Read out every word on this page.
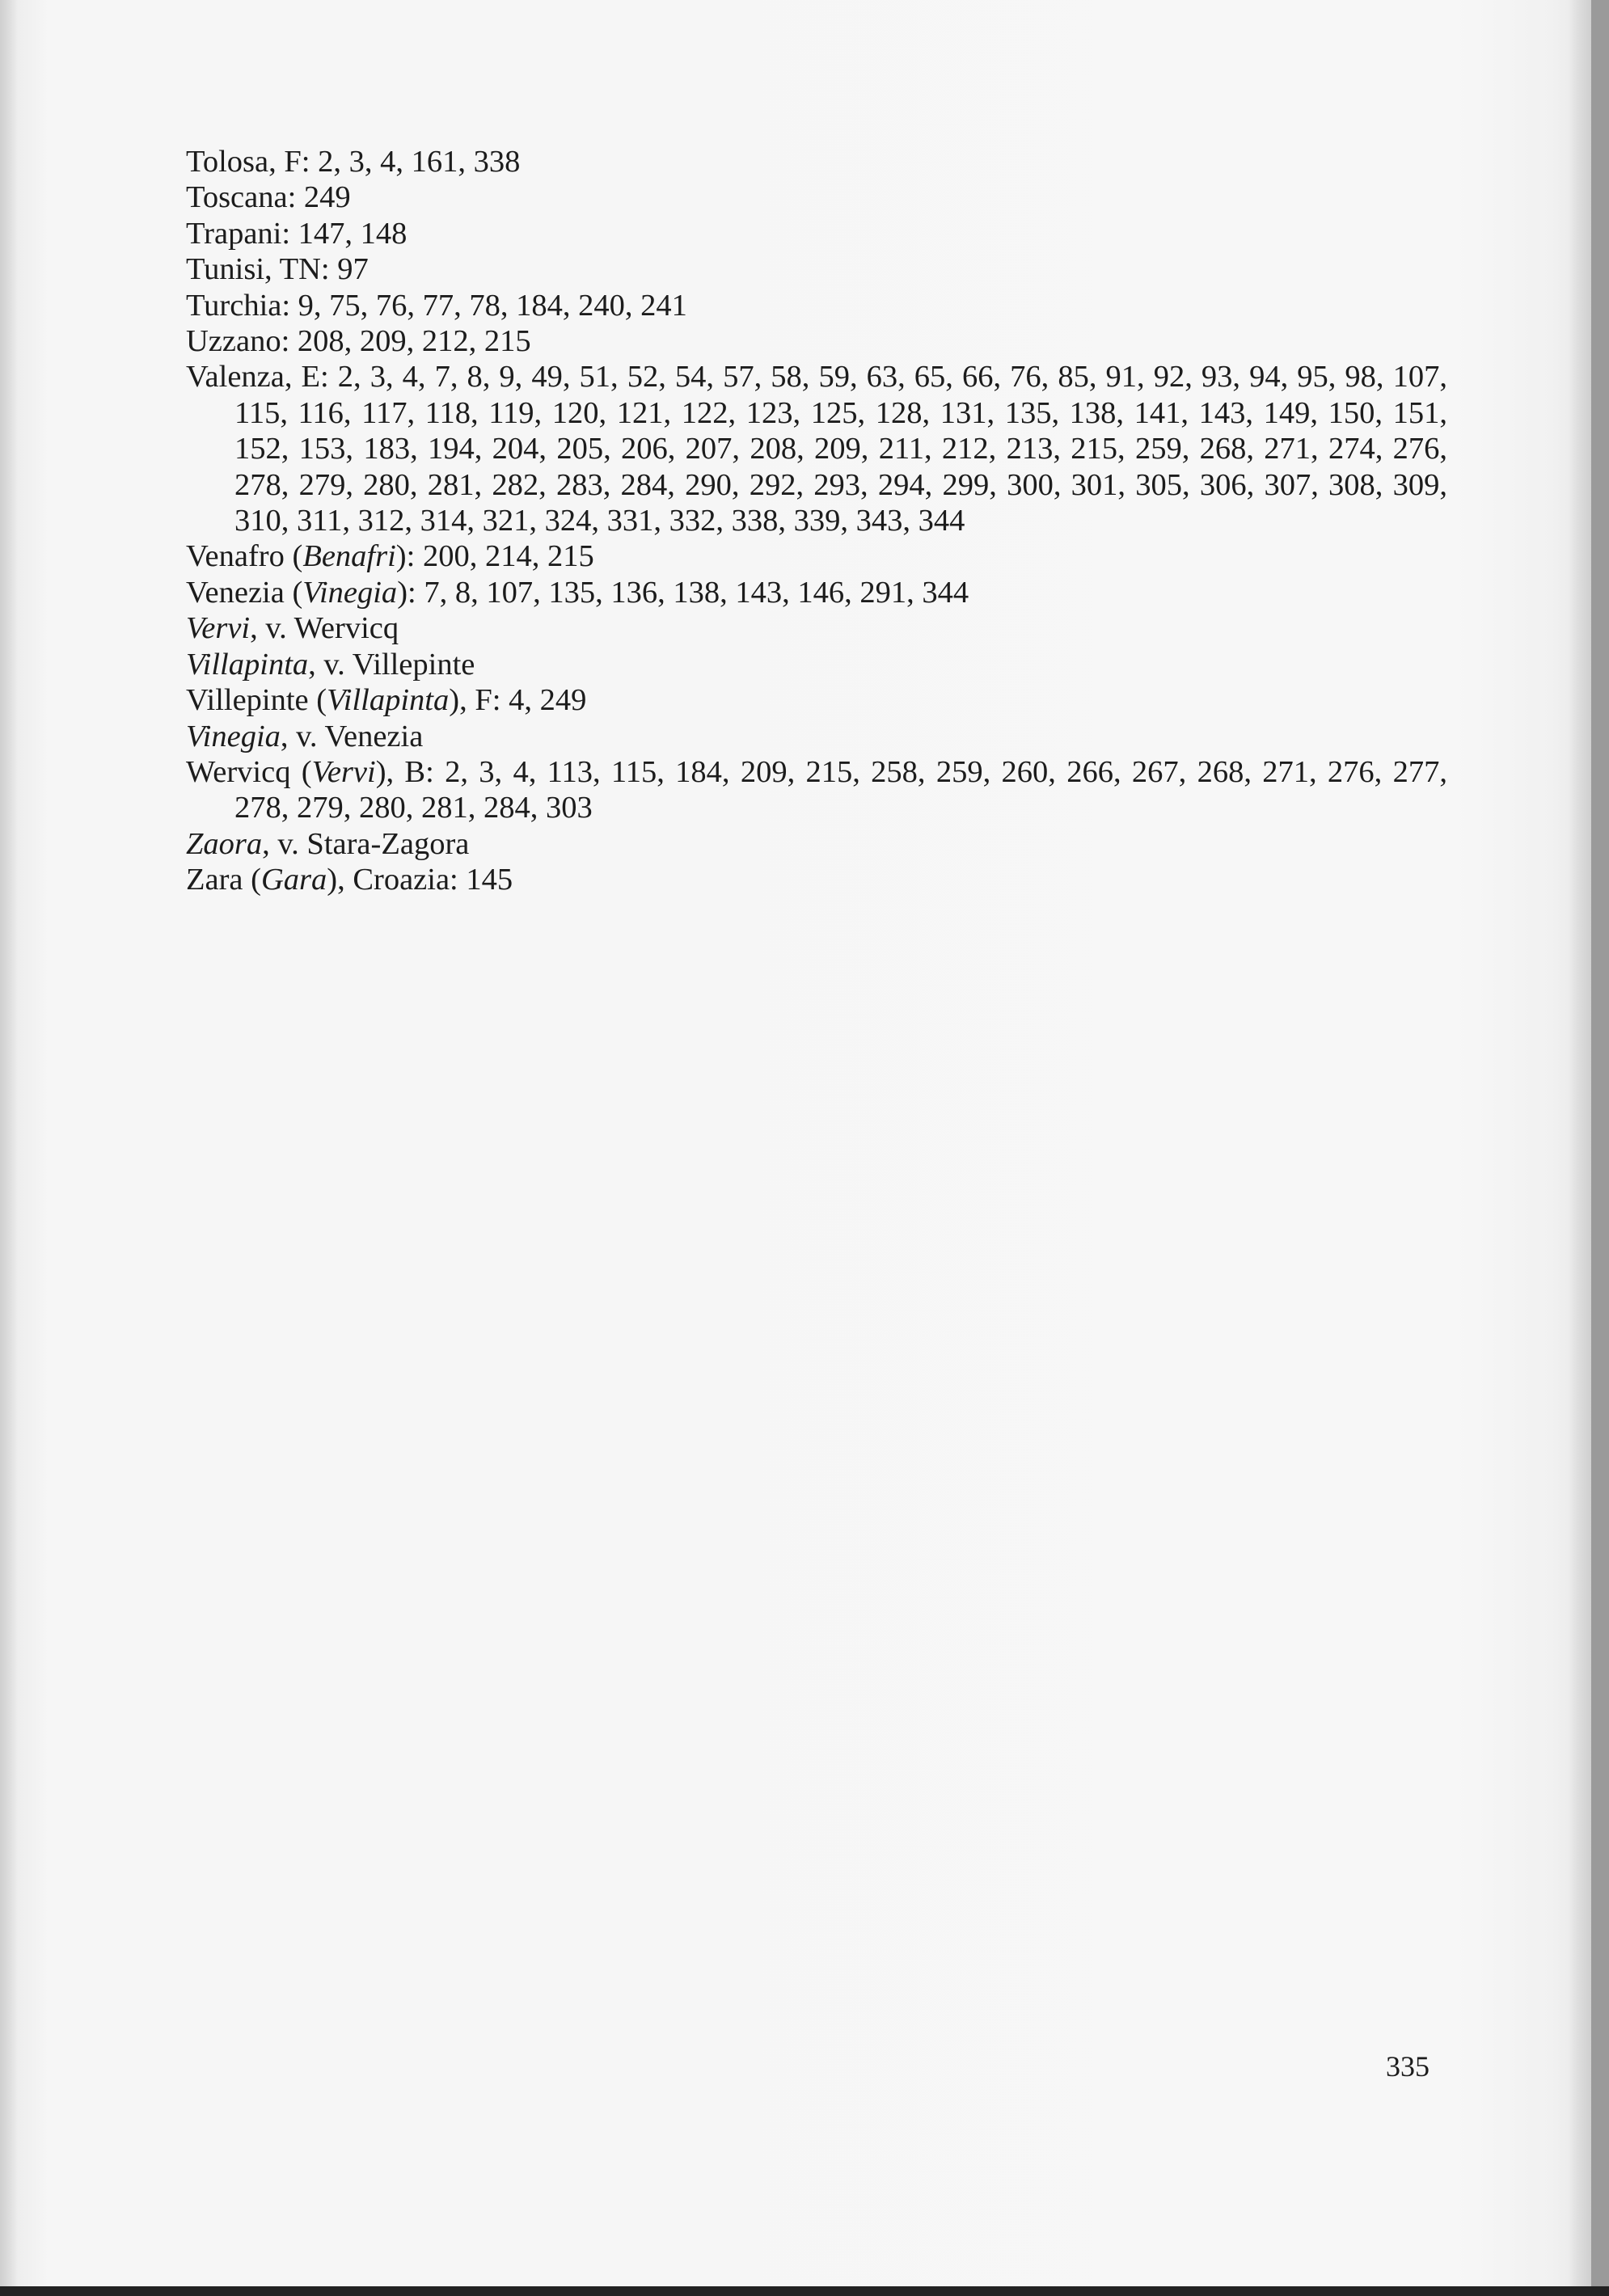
Tolosa, F: 2, 3, 4, 161, 338

Toscana: 249

Trapani: 147, 148

Tunisi, TN: 97

Turchia: 9, 75, 76, 77, 78, 184, 240, 241

Uzzano: 208, 209, 212, 215

Valenza, E: 2, 3, 4, 7, 8, 9, 49, 51, 52, 54, 57, 58, 59, 63, 65, 66, 76, 85, 91, 92, 93, 94, 95, 98, 107, 115, 116, 117, 118, 119, 120, 121, 122, 123, 125, 128, 131, 135, 138, 141, 143, 149, 150, 151, 152, 153, 183, 194, 204, 205, 206, 207, 208, 209, 211, 212, 213, 215, 259, 268, 271, 274, 276, 278, 279, 280, 281, 282, 283, 284, 290, 292, 293, 294, 299, 300, 301, 305, 306, 307, 308, 309, 310, 311, 312, 314, 321, 324, 331, 332, 338, 339, 343, 344

Venafro (Benafri): 200, 214, 215

Venezia (Vinegia): 7, 8, 107, 135, 136, 138, 143, 146, 291, 344

Vervi, v. Wervicq

Villapinta, v. Villepinte

Villepinte (Villapinta), F: 4, 249

Vinegia, v. Venezia

Wervicq (Vervi), B: 2, 3, 4, 113, 115, 184, 209, 215, 258, 259, 260, 266, 267, 268, 271, 276, 277, 278, 279, 280, 281, 284, 303

Zaora, v. Stara-Zagora

Zara (Gara), Croazia: 145

335
